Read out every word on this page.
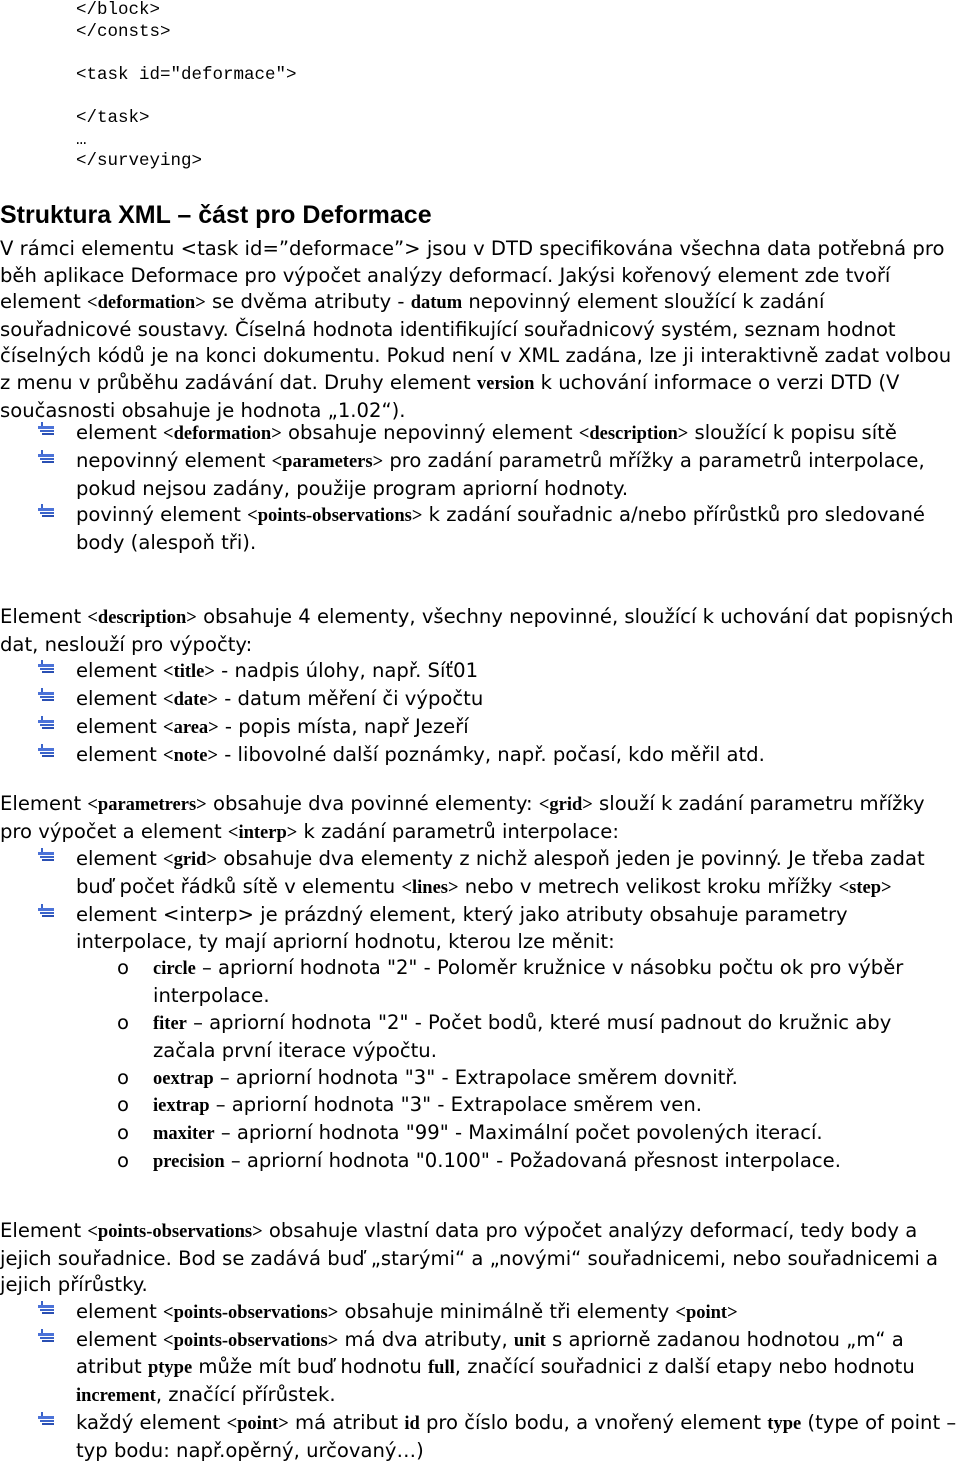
</block>
</consts>
<task id="deformace">
</task>
…
</surveying>
Struktura XML – část pro Deformace

V rámci elementu <task id=”deformace”> jsou v DTD specifikována všechna data potřebná pro běh aplikace Deformace pro výpočet analýzy deformací. Jakýsi kořenový element zde tvoří element <deformation> se dvěma atributy - datum nepovinný element sloužící k zadání souřadnicové soustavy. Číselná hodnota identifikující souřadnicový systém, seznam hodnot číselných kódů je na konci dokumentu. Pokud není v XML zadána, lze ji interaktivně zadat volbou z menu v průběhu zadávání dat. Druhy element version k uchování informace o verzi DTD (V současnosti obsahuje je hodnota „1.02“).

element <deformation> obsahuje nepovinný element <description> sloužící k popisu sítě
nepovinný element <parameters> pro zadání parametrů mřížky a parametrů interpolace, pokud nejsou zadány, použije program apriorní hodnoty.
povinný element <points-observations> k zadání souřadnic a/nebo přírůstků pro sledované body (alespoň tři).

Element <description> obsahuje 4 elementy, všechny nepovinné, sloužící k uchování dat popisných dat, neslouží pro výpočty:

element <title> - nadpis úlohy, např. Síť01
element <date> - datum měření či výpočtu
element <area> - popis místa, např Jezeří
element <note> - libovolné další poznámky, např. počasí, kdo měřil atd.

Element <parametrers> obsahuje dva povinné elementy: <grid> slouží k zadání parametru mřížky pro výpočet a element <interp> k zadání parametrů interpolace:

element <grid> obsahuje dva elementy z nichž alespoň jeden je povinný. Je třeba zadat buď počet řádků sítě v elementu <lines> nebo v metrech velikost kroku mřížky <step>
element <interp> je prázdný element, který jako atributy obsahuje parametry interpolace, ty mají apriorní hodnotu, kterou lze měnit:
o circle – apriorní hodnota "2" - Poloměr kružnice v násobku počtu ok pro výběr interpolace.
o fiter – apriorní hodnota "2" - Počet bodů, které musí padnout do kružnic aby začala první iterace výpočtu.
o oextrap – apriorní hodnota "3" - Extrapolace směrem dovnitř.
o iextrap – apriorní hodnota "3" - Extrapolace směrem ven.
o maxiter – apriorní hodnota "99" - Maximální počet povolených iterací.
o precision – apriorní hodnota "0.100" - Požadovaná přesnost interpolace.

Element <points-observations> obsahuje vlastní data pro výpočet analýzy deformací, tedy body a jejich souřadnice. Bod se zadává buď „starými“ a „novými“ souřadnicemi, nebo souřadnicemi a jejich přírůstky.

element <points-observations> obsahuje minimálně tři elementy <point>
element <points-observations> má dva atributy, unit s apriorně zadanou hodnotou „m“ a atribut ptype může mít buď hodnotu full, značící souřadnici z další etapy nebo hodnotu increment, značící přírůstek.
každý element <point> má atribut id pro číslo bodu, a vnořený element type (type of point – typ bodu: např.opěrný, určovaný…)
